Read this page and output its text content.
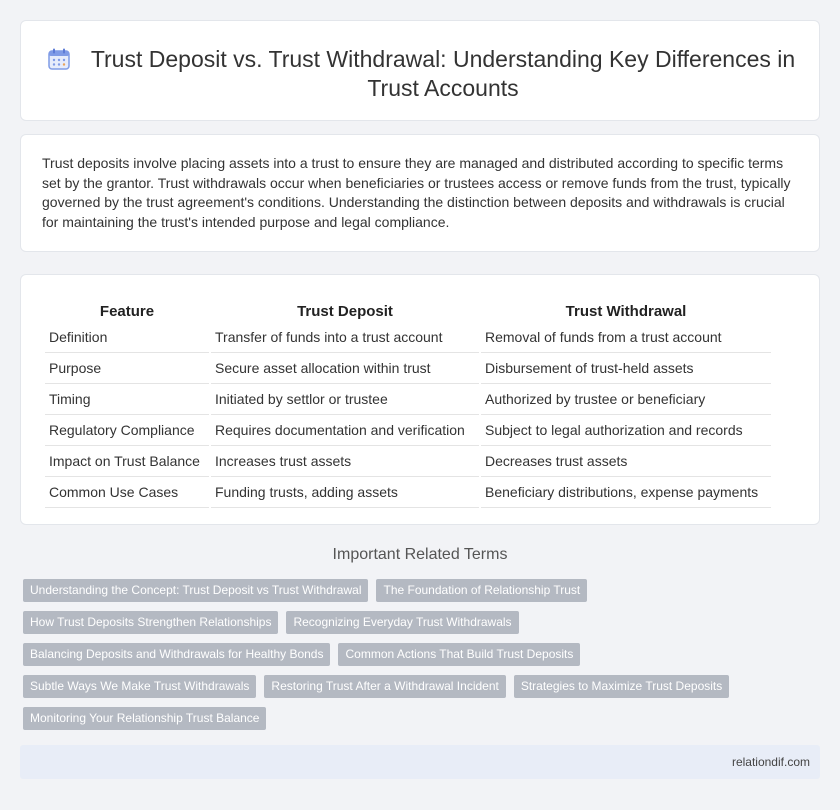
Trust Deposit vs. Trust Withdrawal: Understanding Key Differences in Trust Accounts

Trust deposits involve placing assets into a trust to ensure they are managed and distributed according to specific terms set by the grantor. Trust withdrawals occur when beneficiaries or trustees access or remove funds from the trust, typically governed by the trust agreement's conditions. Understanding the distinction between deposits and withdrawals is crucial for maintaining the trust's intended purpose and legal compliance.

Feature	Trust Deposit	Trust Withdrawal
Definition	Transfer of funds into a trust account	Removal of funds from a trust account
Purpose	Secure asset allocation within trust	Disbursement of trust-held assets
Timing	Initiated by settlor or trustee	Authorized by trustee or beneficiary
Regulatory Compliance	Requires documentation and verification	Subject to legal authorization and records
Impact on Trust Balance	Increases trust assets	Decreases trust assets
Common Use Cases	Funding trusts, adding assets	Beneficiary distributions, expense payments
Important Related Terms
Understanding the Concept: Trust Deposit vs Trust Withdrawal	The Foundation of Relationship Trust
How Trust Deposits Strengthen Relationships	Recognizing Everyday Trust Withdrawals
Balancing Deposits and Withdrawals for Healthy Bonds	Common Actions That Build Trust Deposits
Subtle Ways We Make Trust Withdrawals	Restoring Trust After a Withdrawal Incident	Strategies to Maximize Trust Deposits
Monitoring Your Relationship Trust Balance
relationdif.com
